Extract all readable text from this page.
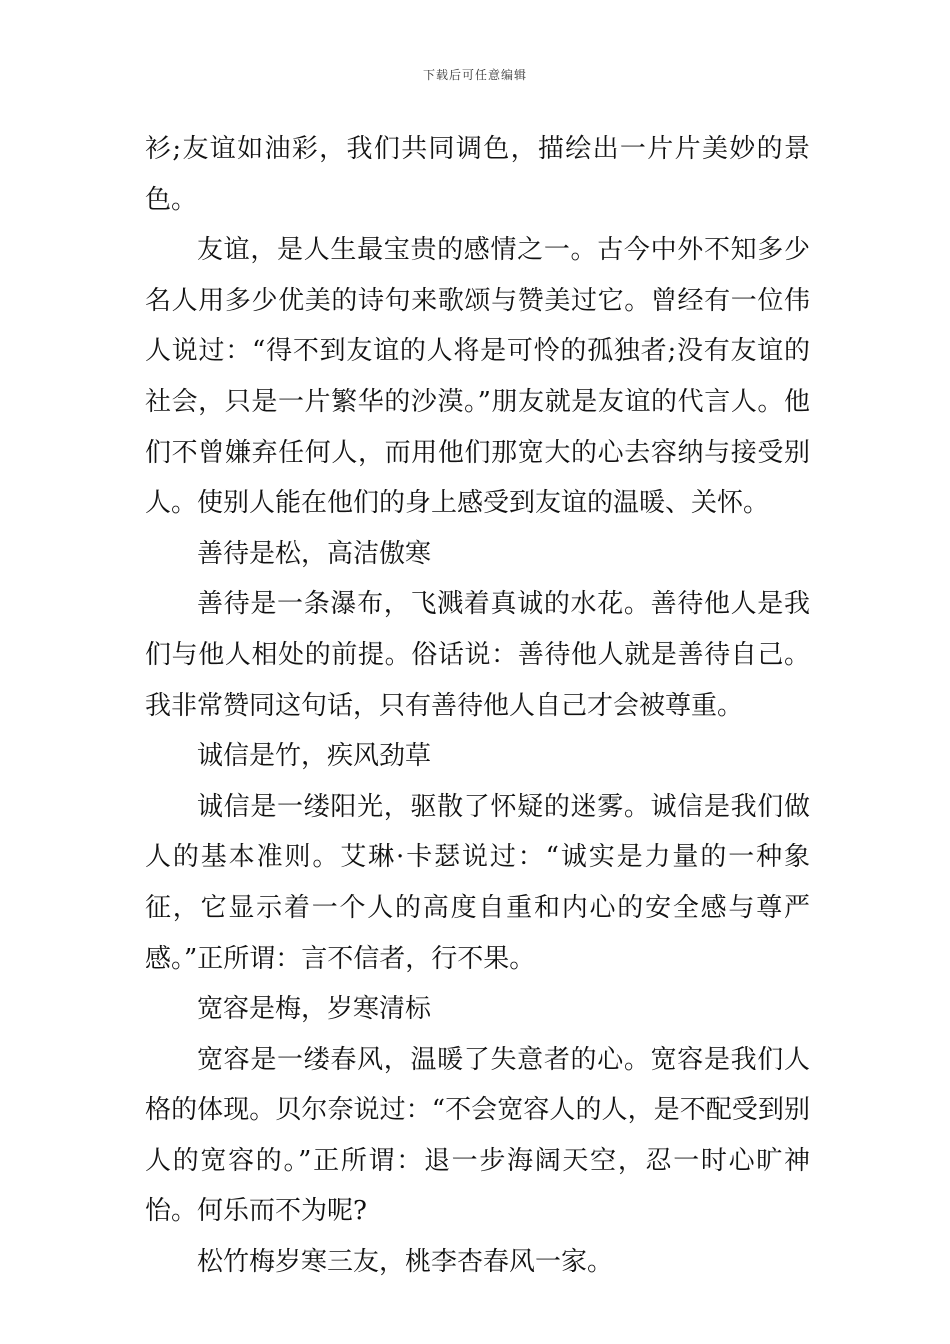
下载后可任意编辑

衫;友谊如油彩，我们共同调色，描绘出一片片美妙的景色。

友谊，是人生最宝贵的感情之一。古今中外不知多少名人用多少优美的诗句来歌颂与赞美过它。曾经有一位伟人说过：“得不到友谊的人将是可怜的孤独者;没有友谊的社会，只是一片繁华的沙漠。”朋友就是友谊的代言人。他们不曾嫌弃任何人，而用他们那宽大的心去容纳与接受别人。使别人能在他们的身上感受到友谊的温暖、关怀。

善待是松，高洁傲寒

善待是一条瀑布，飞溅着真诚的水花。善待他人是我们与他人相处的前提。俗话说：善待他人就是善待自己。我非常赞同这句话，只有善待他人自己才会被尊重。

诚信是竹，疾风劲草

诚信是一缕阳光，驱散了怀疑的迷雾。诚信是我们做人的基本准则。艾琳·卡瑟说过：“诚实是力量的一种象征，它显示着一个人的高度自重和内心的安全感与尊严感。”正所谓：言不信者，行不果。

宽容是梅，岁寒清标

宽容是一缕春风，温暖了失意者的心。宽容是我们人格的体现。贝尔奈说过：“不会宽容人的人，是不配受到别人的宽容的。”正所谓：退一步海阔天空，忍一时心旷神怡。何乐而不为呢?

松竹梅岁寒三友，桃李杏春风一家。
